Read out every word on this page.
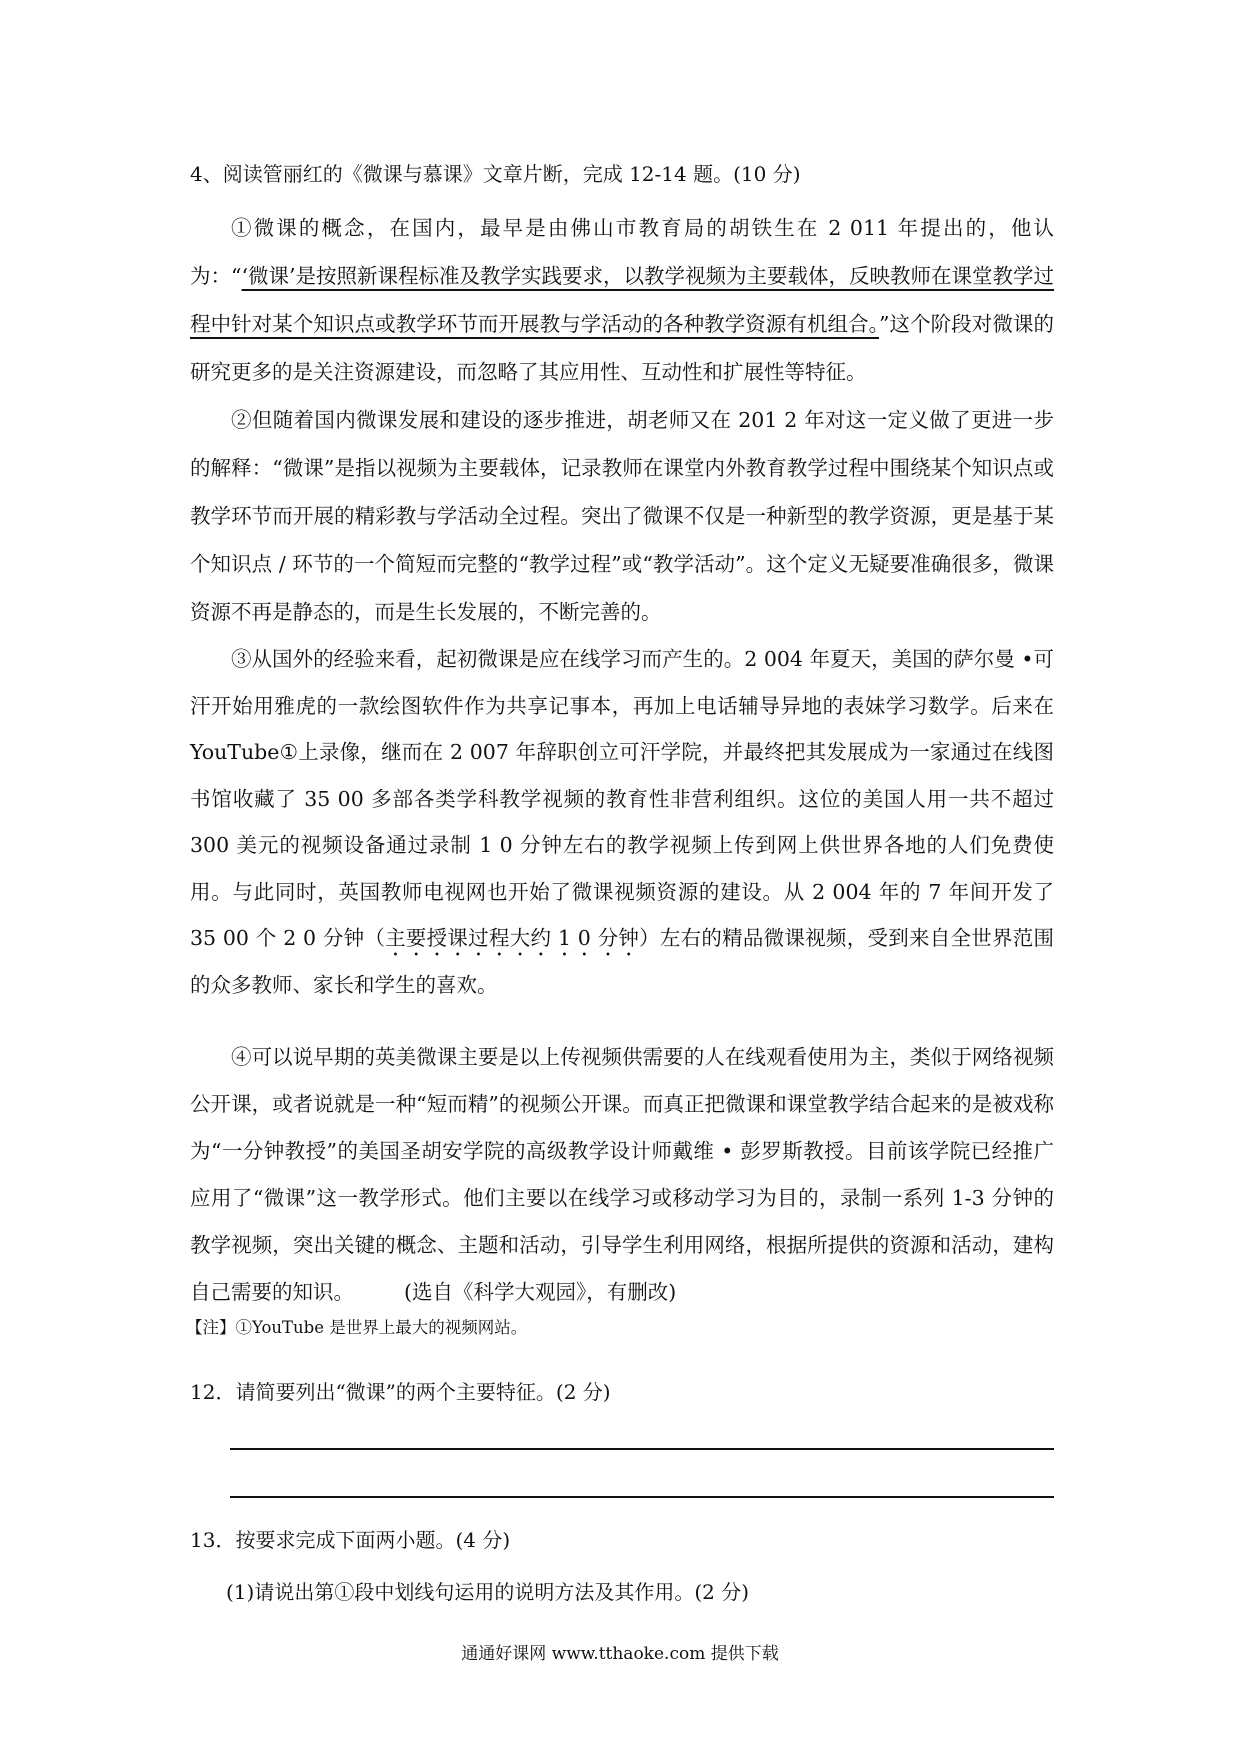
4、阅读管丽红的《微课与慕课》文章片断，完成 12-14 题。(10 分)

①微课的概念，在国内，最早是由佛山市教育局的胡铁生在 2 011 年提出的，他认为：“‘微课’是按照新课程标准及教学实践要求，以教学视频为主要载体，反映教师在课堂教学过程中针对某个知识点或教学环节而开展教与学活动的各种教学资源有机组合。”这个阶段对微课的研究更多的是关注资源建设，而忽略了其应用性、互动性和扩展性等特征。

②但随着国内微课发展和建设的逐步推进，胡老师又在 201 2 年对这一定义做了更进一步的解释：“微课”是指以视频为主要载体，记录教师在课堂内外教育教学过程中围绕某个知识点或教学环节而开展的精彩教与学活动全过程。突出了微课不仅是一种新型的教学资源，更是基于某个知识点 / 环节的一个简短而完整的“教学过程”或“教学活动”。这个定义无疑要准确很多，微课资源不再是静态的，而是生长发展的，不断完善的。

③从国外的经验来看，起初微课是应在线学习而产生的。2 004 年夏天，美国的萨尔曼 •可汗开始用雅虎的一款绘图软件作为共享记事本，再加上电话辅导异地的表妹学习数学。后来在 YouTube①上录像，继而在 2 007 年辞职创立可汗学院，并最终把其发展成为一家通过在线图书馆收藏了 35 00 多部各类学科教学视频的教育性非营利组织。这位的美国人用一共不超过 300 美元的视频设备通过录制 1 0 分钟左右的教学视频上传到网上供世界各地的人们免费使用。与此同时，英国教师电视网也开始了微课视频资源的建设。从 2 004 年的 7 年间开发了 35 00 个 2 0 分钟（主要授课过程大约 1 0 分钟）左右的精品微课视频，受到来自全世界范围的众多教师、家长和学生的喜欢。

④可以说早期的英美微课主要是以上传视频供需要的人在线观看使用为主，类似于网络视频公开课，或者说就是一种“短而精”的视频公开课。而真正把微课和课堂教学结合起来的是被戏称为“一分钟教授”的美国圣胡安学院的高级教学设计师戴维 • 彭罗斯教授。目前该学院已经推广应用了“微课”这一教学形式。他们主要以在线学习或移动学习为目的，录制一系列 1-3 分钟的教学视频，突出关键的概念、主题和活动，引导学生利用网络，根据所提供的资源和活动，建构自己需要的知识。 (选自《科学大观园》，有删改)

【注】①YouTube 是世界上最大的视频网站。
12．请简要列出“微课”的两个主要特征。(2 分)
13．按要求完成下面两小题。(4 分)
(1)请说出第①段中划线句运用的说明方法及其作用。(2 分)
通通好课网 www.tthaoke.com 提供下载
